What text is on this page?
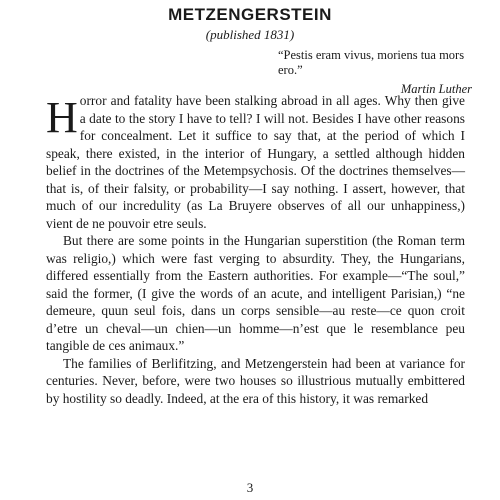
METZENGERSTEIN
(published 1831)
“Pestis eram vivus, moriens tua mors ero.”
Martin Luther

Horror and fatality have been stalking abroad in all ages. Why then give a date to the story I have to tell? I will not. Besides I have other reasons for concealment. Let it suffice to say that, at the period of which I speak, there existed, in the interior of Hungary, a settled although hidden belief in the doctrines of the Metempsychosis. Of the doctrines themselves—that is, of their falsity, or probability—I say nothing. I assert, however, that much of our incredulity (as La Bruyere observes of all our unhappiness,) vient de ne pouvoir etre seuls.

But there are some points in the Hungarian superstition (the Roman term was religio,) which were fast verging to absurdity. They, the Hungarians, differed essentially from the Eastern authorities. For example—“The soul,” said the former, (I give the words of an acute, and intelligent Parisian,) “ne demeure, quun seul fois, dans un corps sensible—au reste—ce quon croit d’etre un cheval—un chien—un homme—n’est que le resemblance peu tangible de ces animaux.”

The families of Berlifitzing, and Metzengerstein had been at variance for centuries. Never, before, were two houses so illustrious mutually embittered by hostility so deadly. Indeed, at the era of this history, it was remarked

3
